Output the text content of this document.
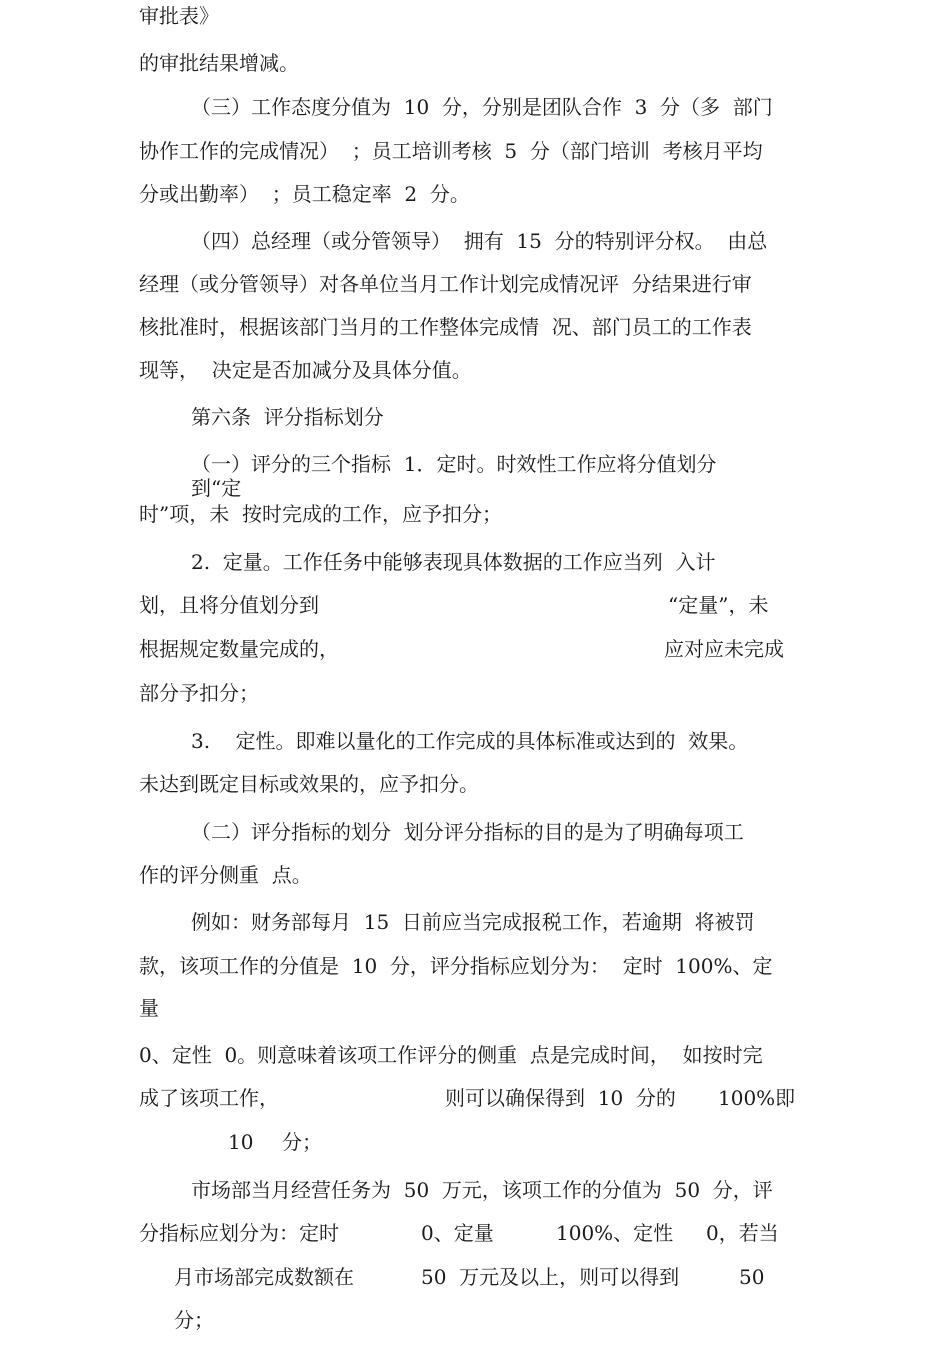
审批表》

的审批结果增减。

（三）工作态度分值为  10  分，分别是团队合作  3  分（多  部门

协作工作的完成情况）  ；员工培训考核  5  分（部门培训  考核月平均

分或出勤率）  ；员工稳定率  2  分。

（四）总经理（或分管领导）  拥有  15  分的特别评分权。  由总

经理（或分管领导）对各单位当月工作计划完成情况评  分结果进行审

核批准时，根据该部门当月的工作整体完成情  况、部门员工的工作表

现等，  决定是否加减分及具体分值。

第六条  评分指标划分

（一）评分的三个指标  1．定时。时效性工作应将分值划分

到“定

时”项，未  按时完成的工作，应予扣分；

2.  定量。工作任务中能够表现具体数据的工作应当列  入计

划，且将分值划分到	“定量”，未

根据规定数量完成的，	应对应未完成

部分予扣分；

3.    定性。即难以量化的工作完成的具体标准或达到的  效果。

未达到既定目标或效果的，应予扣分。

（二）评分指标的划分  划分评分指标的目的是为了明确每项工

作的评分侧重  点。

例如：财务部每月  15  日前应当完成报税工作，若逾期  将被罚

款，该项工作的分值是  10  分，评分指标应划分为：  定时  100%、定

量

0、定性  0。则意味着该项工作评分的侧重  点是完成时间，  如按时完

成了该项工作，	则可以确保得到  10  分的 100%即

10 分；

市场部当月经营任务为  50  万元，该项工作的分值为  50  分，评

分指标应划分为：定时	0、定量	100%、定性 0，若当

月市场部完成数额在	50  万元及以上，则可以得到	50

分；
